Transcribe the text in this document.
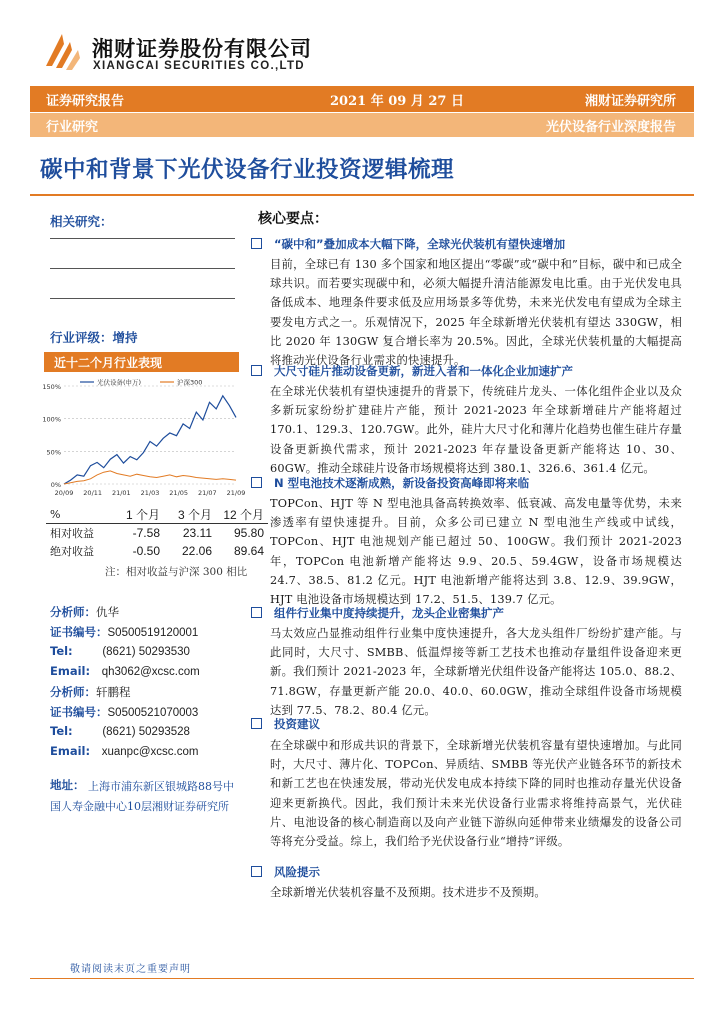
湘财证券股份有限公司
XIANGCAI SECURITIES CO.,LTD
证券研究报告	2021 年 09 月 27 日	湘财证券研究所
行业研究	光伏设备行业深度报告
碳中和背景下光伏设备行业投资逻辑梳理
相关研究：
行业评级：增持
近十二个月行业表现
0%
50%
100%
150%
20/09 20/11 21/01 21/03 21/05 21/07 21/09
光伏设备(申万)	沪深300
%	1 个月	3 个月	12 个月
相对收益	-7.58	23.11	95.80
绝对收益	-0.50	22.06	89.64
注：相对收益与沪深 300 相比
分析师：仇华
证书编号：S0500519120001
Tel:	(8621) 50293530
Email: qh3062@xcsc.com
分析师：轩鹏程
证书编号：S0500521070003
Tel:	(8621) 50293528
Email: xuanpc@xcsc.com
地址： 上海市浦东新区银城路88号中国人寿金融中心10层湘财证券研究所
核心要点：
“碳中和”叠加成本大幅下降，全球光伏装机有望快速增加
目前，全球已有 130 多个国家和地区提出“零碳”或“碳中和”目标，碳中和已成全球共识。而若要实现碳中和，必须大幅提升清洁能源发电比重。由于光伏发电具备低成本、地理条件要求低及应用场景多等优势，未来光伏发电有望成为全球主要发电方式之一。乐观情况下，2025 年全球新增光伏装机有望达 330GW，相比 2020 年 130GW 复合增长率为 20.5%。因此，全球光伏装机量的大幅提高将推动光伏设备行业需求的快速提升。
大尺寸硅片推动设备更新，新进入者和一体化企业加速扩产
在全球光伏装机有望快速提升的背景下，传统硅片龙头、一体化组件企业以及众多新玩家纷纷扩建硅片产能，预计 2021-2023 年全球新增硅片产能将超过 170.1、129.3、120.7GW。此外，硅片大尺寸化和薄片化趋势也催生硅片存量设备更新换代需求，预计 2021-2023 年存量设备更新产能将达 10、30、60GW。推动全球硅片设备市场规模将达到 380.1、326.6、361.4 亿元。
N 型电池技术逐渐成熟，新设备投资高峰即将来临
TOPCon、HJT 等 N 型电池具备高转换效率、低衰减、高发电量等优势，未来渗透率有望快速提升。目前，众多公司已建立 N 型电池生产线或中试线，TOPCon、HJT 电池规划产能已超过 50、100GW。我们预计 2021-2023 年，TOPCon 电池新增产能将达 9.9、20.5、59.4GW，设备市场规模达 24.7、38.5、81.2 亿元。HJT 电池新增产能将达到 3.8、12.9、39.9GW， HJT 电池设备市场规模达到 17.2、51.5、139.7 亿元。
组件行业集中度持续提升，龙头企业密集扩产
马太效应凸显推动组件行业集中度快速提升，各大龙头组件厂纷纷扩建产能。与此同时，大尺寸、SMBB、低温焊接等新工艺技术也推动存量组件设备迎来更新。我们预计 2021-2023 年，全球新增光伏组件设备产能将达 105.0、88.2、71.8GW，存量更新产能 20.0、40.0、60.0GW，推动全球组件设备市场规模达到 77.5、78.2、80.4 亿元。
投资建议
在全球碳中和形成共识的背景下，全球新增光伏装机容量有望快速增加。与此同时，大尺寸、薄片化、TOPCon、异质结、SMBB 等光伏产业链各环节的新技术和新工艺也在快速发展，带动光伏发电成本持续下降的同时也推动存量光伏设备迎来更新换代。因此，我们预计未来光伏设备行业需求将维持高景气，光伏硅片、电池设备的核心制造商以及向产业链下游纵向延伸带来业绩爆发的设备公司等将充分受益。综上，我们给予光伏设备行业“增持”评级。
风险提示
全球新增光伏装机容量不及预期。技术进步不及预期。
敬请阅读末页之重要声明
